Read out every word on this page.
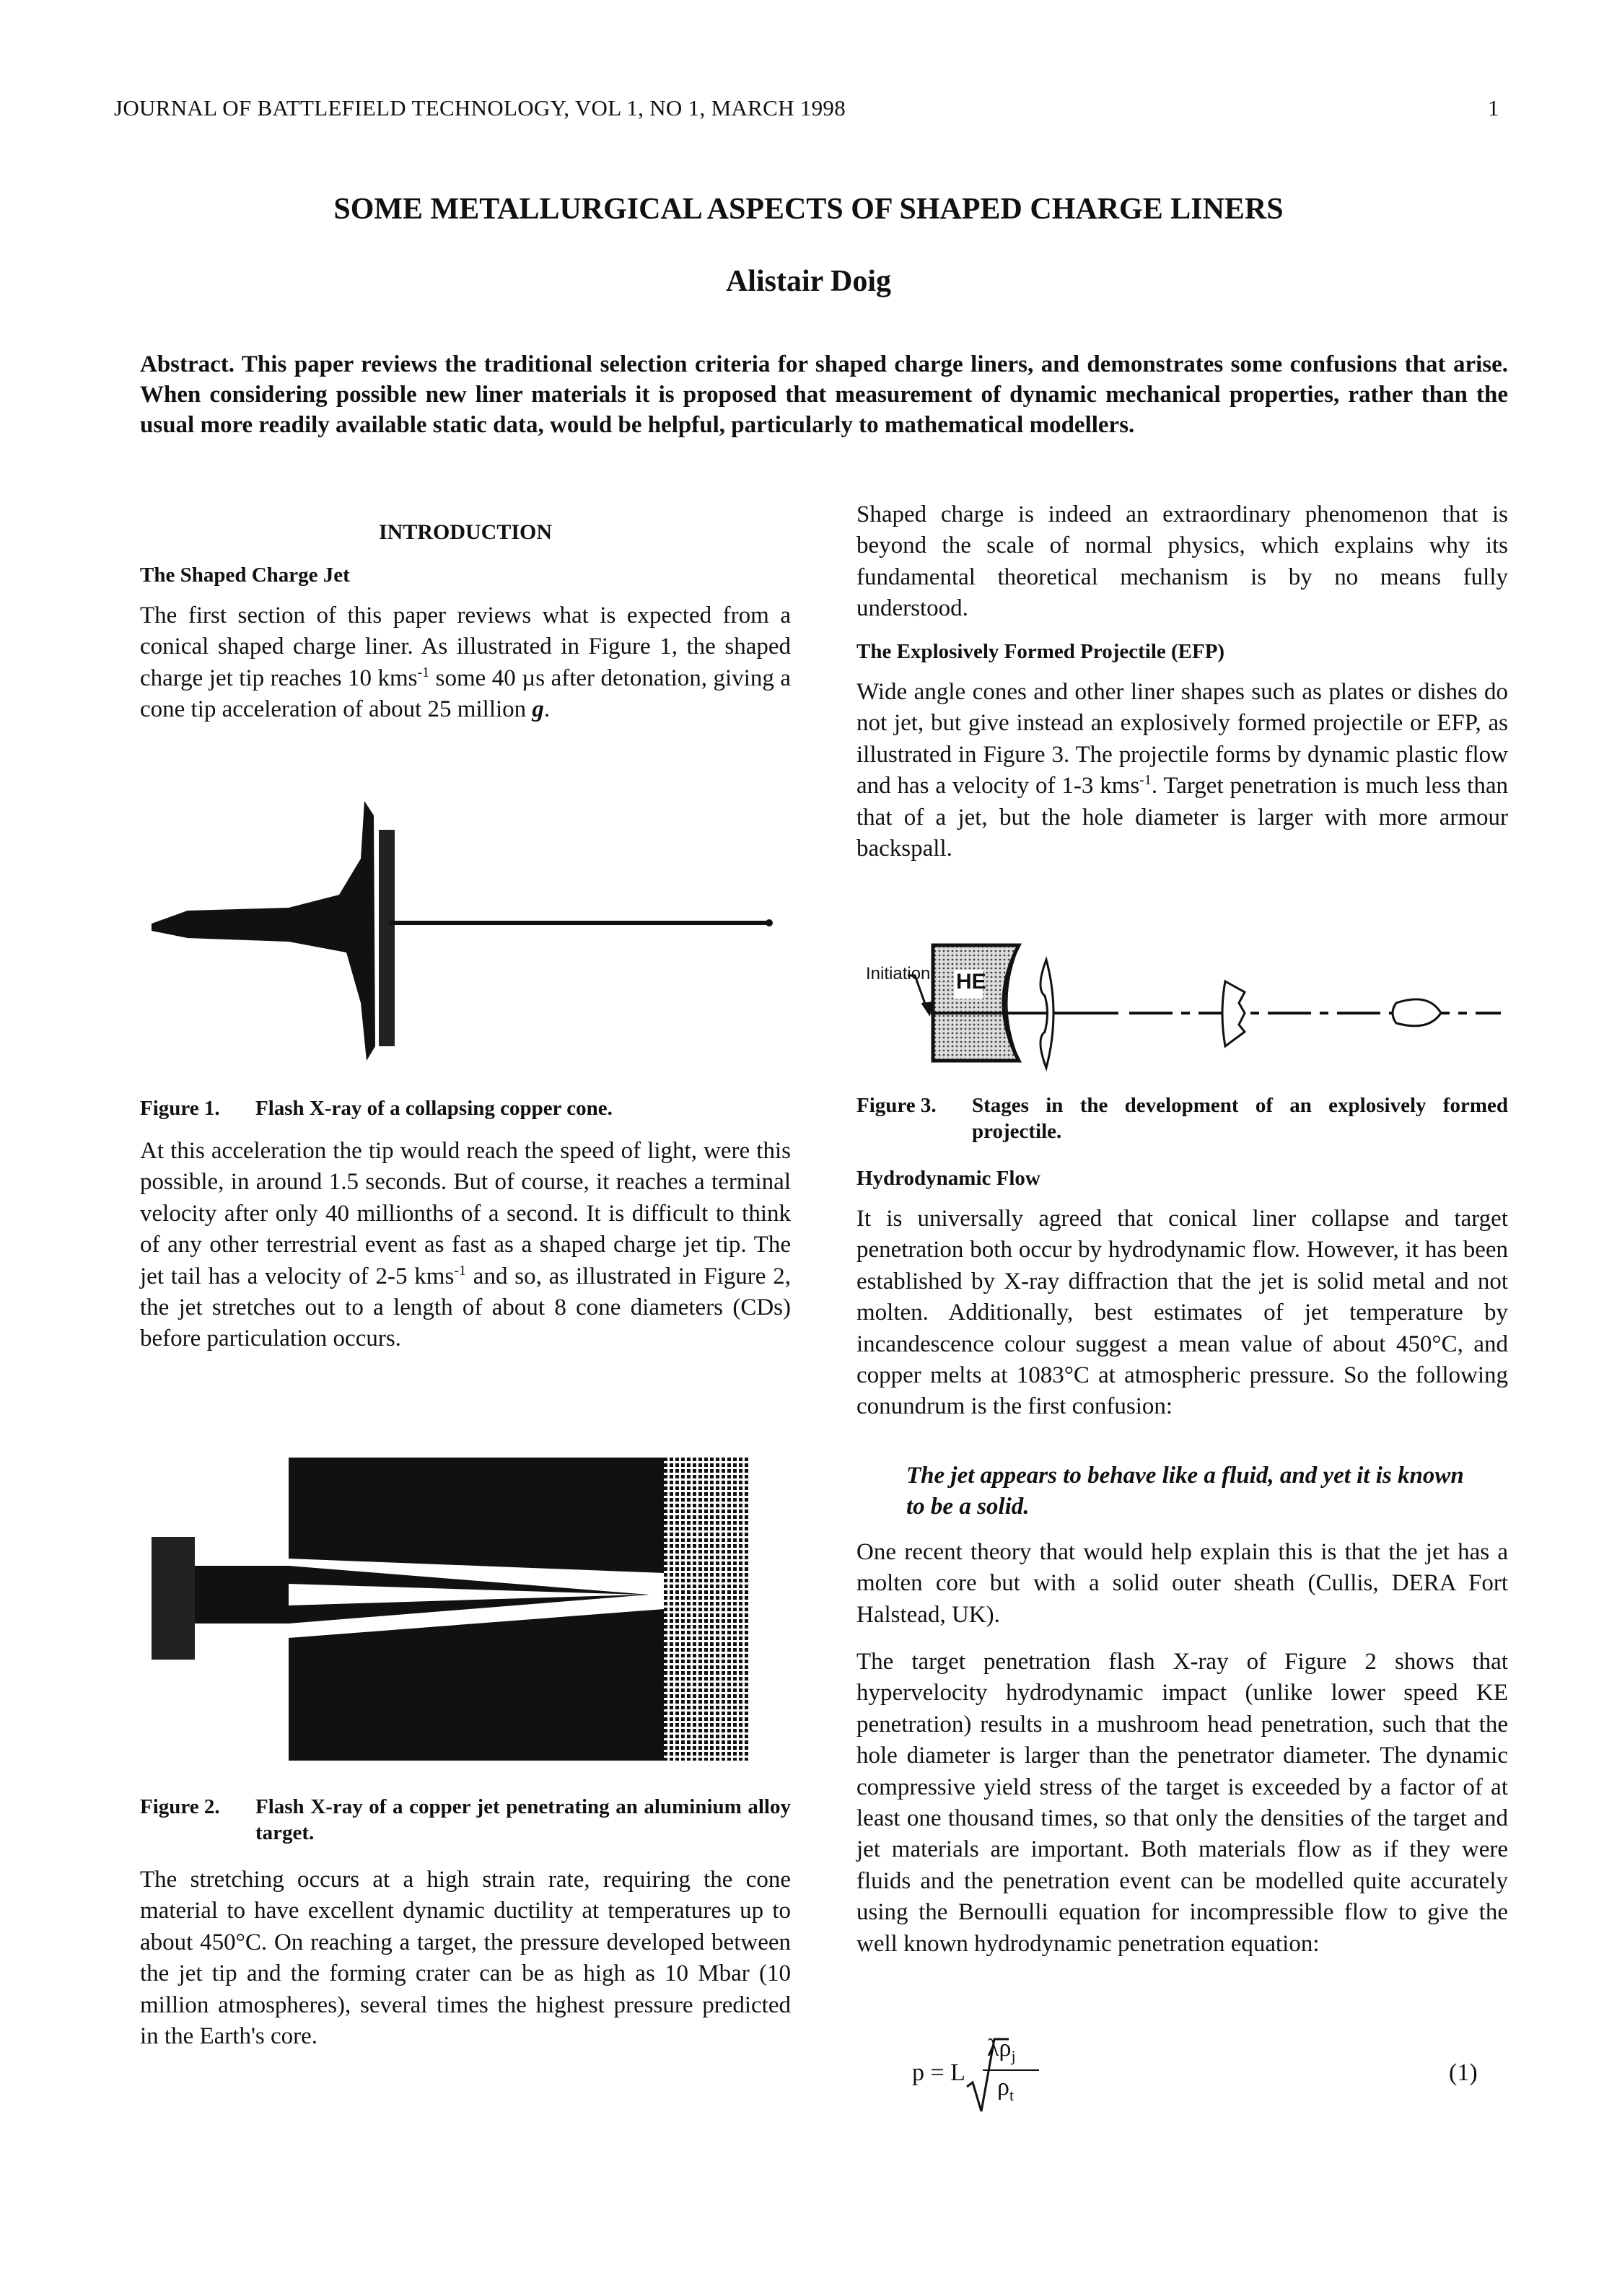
JOURNAL OF BATTLEFIELD TECHNOLOGY, VOL 1, NO 1, MARCH 1998	1
SOME METALLURGICAL ASPECTS OF SHAPED CHARGE LINERS
Alistair Doig
Abstract. This paper reviews the traditional selection criteria for shaped charge liners, and demonstrates some confusions that arise. When considering possible new liner materials it is proposed that measurement of dynamic mechanical properties, rather than the usual more readily available static data, would be helpful, particularly to mathematical modellers.
INTRODUCTION
The Shaped Charge Jet
The first section of this paper reviews what is expected from a conical shaped charge liner. As illustrated in Figure 1, the shaped charge jet tip reaches 10 kms$^{-1}$ some 40 µs after detonation, giving a cone tip acceleration of about 25 million g.
Figure 1. Flash X-ray of a collapsing copper cone.
At this acceleration the tip would reach the speed of light, were this possible, in around 1.5 seconds. But of course, it reaches a terminal velocity after only 40 millionths of a second. It is difficult to think of any other terrestrial event as fast as a shaped charge jet tip. The jet tail has a velocity of 2-5 kms$^{-1}$ and so, as illustrated in Figure 2, the jet stretches out to a length of about 8 cone diameters (CDs) before particulation occurs.
Figure 2.	Flash X-ray of a copper jet penetrating an aluminium alloy target.
The stretching occurs at a high strain rate, requiring the cone material to have excellent dynamic ductility at temperatures up to about 450°C. On reaching a target, the pressure developed between the jet tip and the forming crater can be as high as 10 Mbar (10 million atmospheres), several times the highest pressure predicted in the Earth's core.
Shaped charge is indeed an extraordinary phenomenon that is beyond the scale of normal physics, which explains why its fundamental theoretical mechanism is by no means fully understood.
The Explosively Formed Projectile (EFP)
Wide angle cones and other liner shapes such as plates or dishes do not jet, but give instead an explosively formed projectile or EFP, as illustrated in Figure 3. The projectile forms by dynamic plastic flow and has a velocity of 1-3 kms$^{-1}$. Target penetration is much less than that of a jet, but the hole diameter is larger with more armour backspall.
Initiation HE
Figure 3.	Stages in the development of an explosively formed projectile.
Hydrodynamic Flow
It is universally agreed that conical liner collapse and target penetration both occur by hydrodynamic flow. However, it has been established by X-ray diffraction that the jet is solid metal and not molten. Additionally, best estimates of jet temperature by incandescence colour suggest a mean value of about 450°C, and copper melts at 1083°C at atmospheric pressure. So the following conundrum is the first confusion:
The jet appears to behave like a fluid, and yet it is known to be a solid.
One recent theory that would help explain this is that the jet has a molten core but with a solid outer sheath (Cullis, DERA Fort Halstead, UK).
The target penetration flash X-ray of Figure 2 shows that hypervelocity hydrodynamic impact (unlike lower speed KE penetration) results in a mushroom head penetration, such that the hole diameter is larger than the penetrator diameter. The dynamic compressive yield stress of the target is exceeded by a factor of at least one thousand times, so that only the densities of the target and jet materials are important. Both materials flow as if they were fluids and the penetration event can be modelled quite accurately using the Bernoulli equation for incompressible flow to give the well known hydrodynamic penetration equation:
p = L
$\lambda\rho_j$
$\rho_t$
(1)
